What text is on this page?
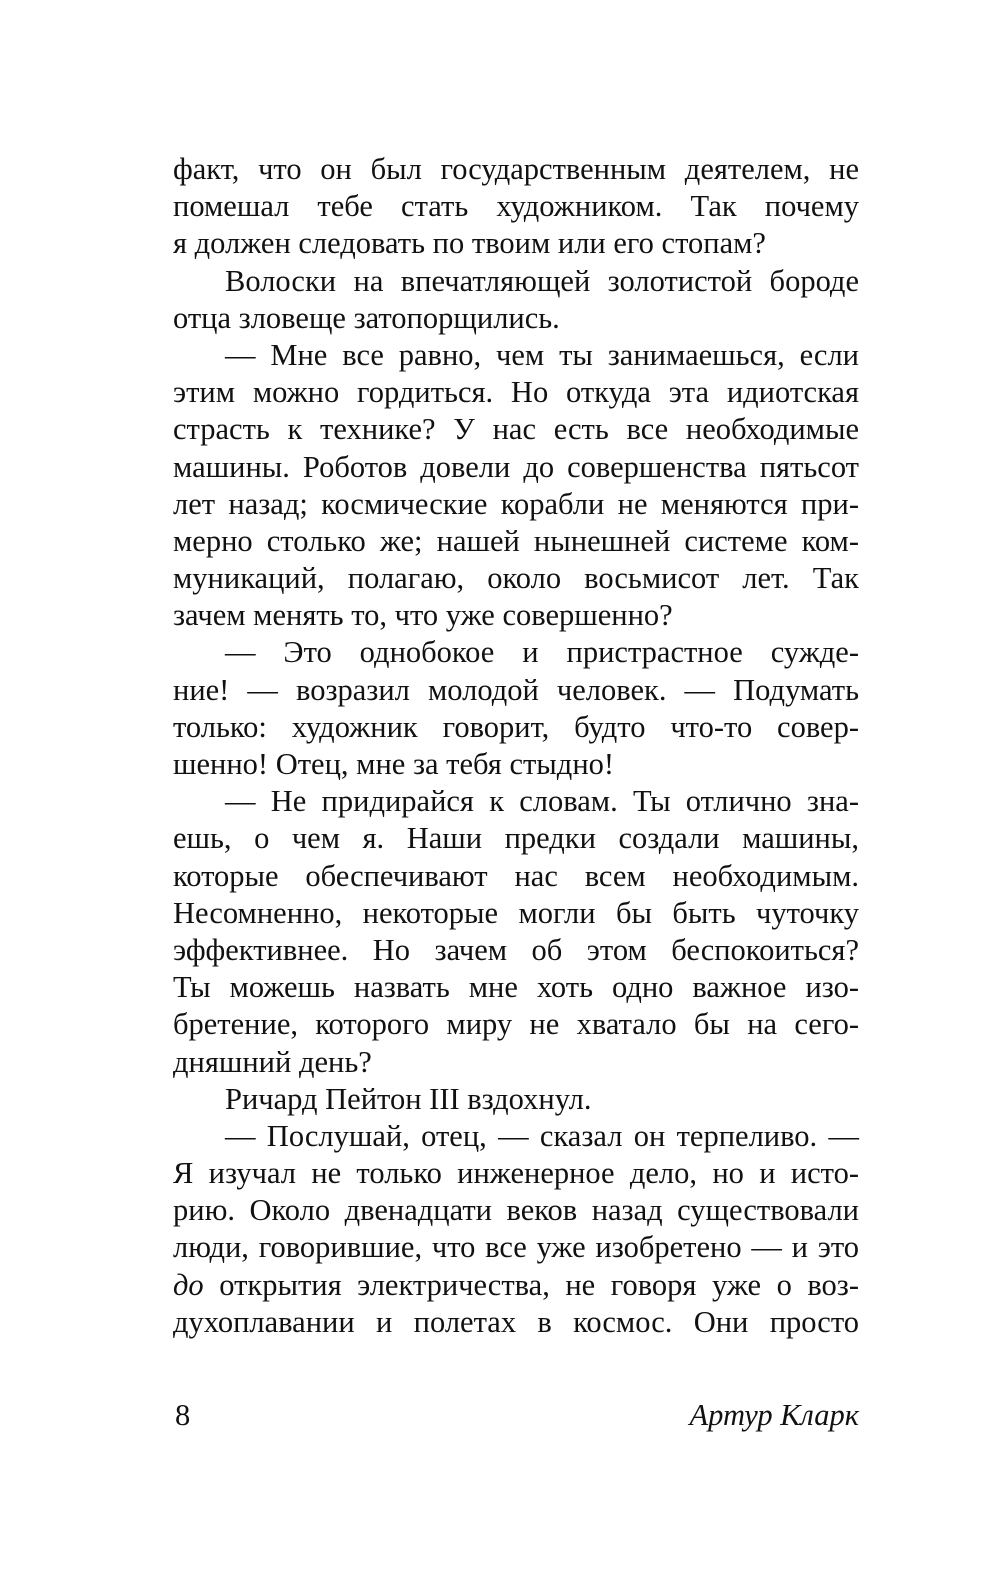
факт, что он был государственным деятелем, не
помешал тебе стать художником. Так почему
я должен следовать по твоим или его стопам?
Волоски на впечатляющей золотистой бороде
отца зловеще затопорщились.
— Мне все равно, чем ты занимаешься, если
этим можно гордиться. Но откуда эта идиотская
страсть к технике? У нас есть все необходимые
машины. Роботов довели до совершенства пятьсот
лет назад; космические корабли не меняются при-
мерно столько же; нашей нынешней системе ком-
муникаций, полагаю, около восьмисот лет. Так
зачем менять то, что уже совершенно?
— Это однобокое и пристрастное сужде-
ние! — возразил молодой человек. — Подумать
только: художник говорит, будто что-то совер-
шенно! Отец, мне за тебя стыдно!
— Не придирайся к словам. Ты отлично зна-
ешь, о чем я. Наши предки создали машины,
которые обеспечивают нас всем необходимым.
Несомненно, некоторые могли бы быть чуточку
эффективнее. Но зачем об этом беспокоиться?
Ты можешь назвать мне хоть одно важное изо-
бретение, которого миру не хватало бы на сего-
дняшний день?
Ричард Пейтон III вздохнул.
— Послушай, отец, — сказал он терпеливо. —
Я изучал не только инженерное дело, но и исто-
рию. Около двенадцати веков назад существовали
люди, говорившие, что все уже изобретено — и это
до открытия электричества, не говоря уже о воз-
духоплавании и полетах в космос. Они просто
8	Артур Кларк
